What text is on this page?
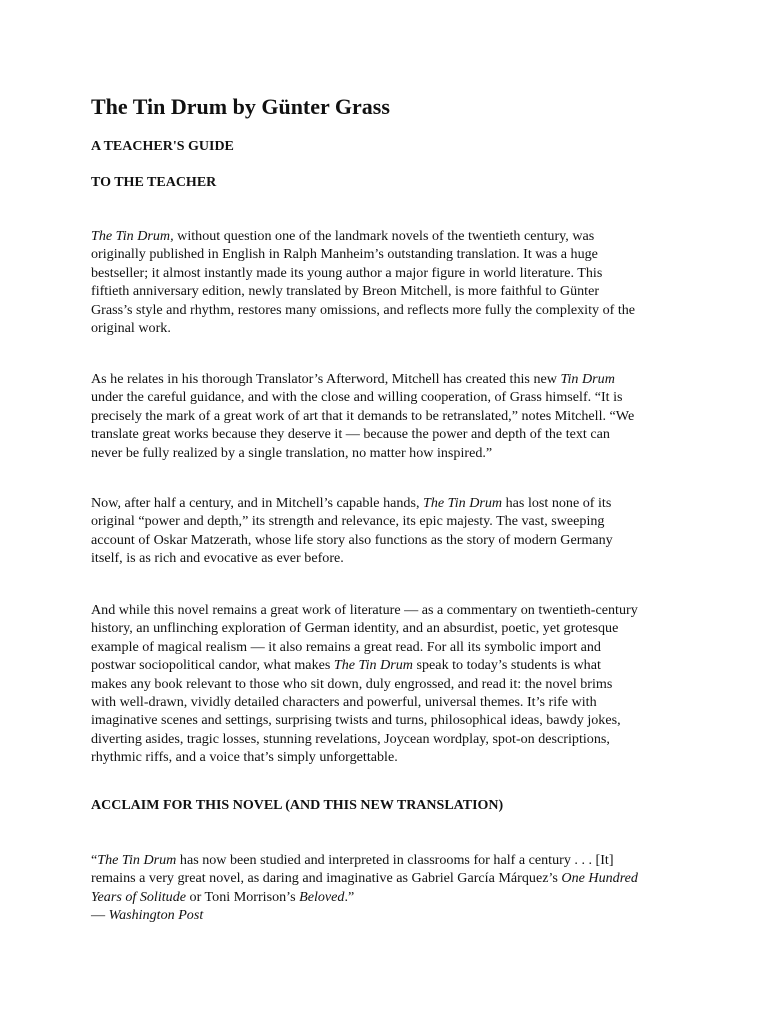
The Tin Drum by Günter Grass
A TEACHER'S GUIDE
TO THE TEACHER
The Tin Drum, without question one of the landmark novels of the twentieth century, was
originally published in English in Ralph Manheim’s outstanding translation. It was a huge
bestseller; it almost instantly made its young author a major figure in world literature. This
fiftieth anniversary edition, newly translated by Breon Mitchell, is more faithful to Günter
Grass’s style and rhythm, restores many omissions, and reflects more fully the complexity of the
original work.
As he relates in his thorough Translator’s Afterword, Mitchell has created this new Tin Drum
under the careful guidance, and with the close and willing cooperation, of Grass himself. “It is
precisely the mark of a great work of art that it demands to be retranslated,” notes Mitchell. “We
translate great works because they deserve it — because the power and depth of the text can
never be fully realized by a single translation, no matter how inspired.”
Now, after half a century, and in Mitchell’s capable hands, The Tin Drum has lost none of its
original “power and depth,” its strength and relevance, its epic majesty. The vast, sweeping
account of Oskar Matzerath, whose life story also functions as the story of modern Germany
itself, is as rich and evocative as ever before.
And while this novel remains a great work of literature — as a commentary on twentieth-century
history, an unflinching exploration of German identity, and an absurdist, poetic, yet grotesque
example of magical realism — it also remains a great read. For all its symbolic import and
postwar sociopolitical candor, what makes The Tin Drum speak to today’s students is what
makes any book relevant to those who sit down, duly engrossed, and read it: the novel brims
with well-drawn, vividly detailed characters and powerful, universal themes. It’s rife with
imaginative scenes and settings, surprising twists and turns, philosophical ideas, bawdy jokes,
diverting asides, tragic losses, stunning revelations, Joycean wordplay, spot-on descriptions,
rhythmic riffs, and a voice that’s simply unforgettable.
ACCLAIM FOR THIS NOVEL (AND THIS NEW TRANSLATION)
“The Tin Drum has now been studied and interpreted in classrooms for half a century . . . [It]
remains a very great novel, as daring and imaginative as Gabriel García Márquez’s One Hundred
Years of Solitude or Toni Morrison’s Beloved.”
— Washington Post
